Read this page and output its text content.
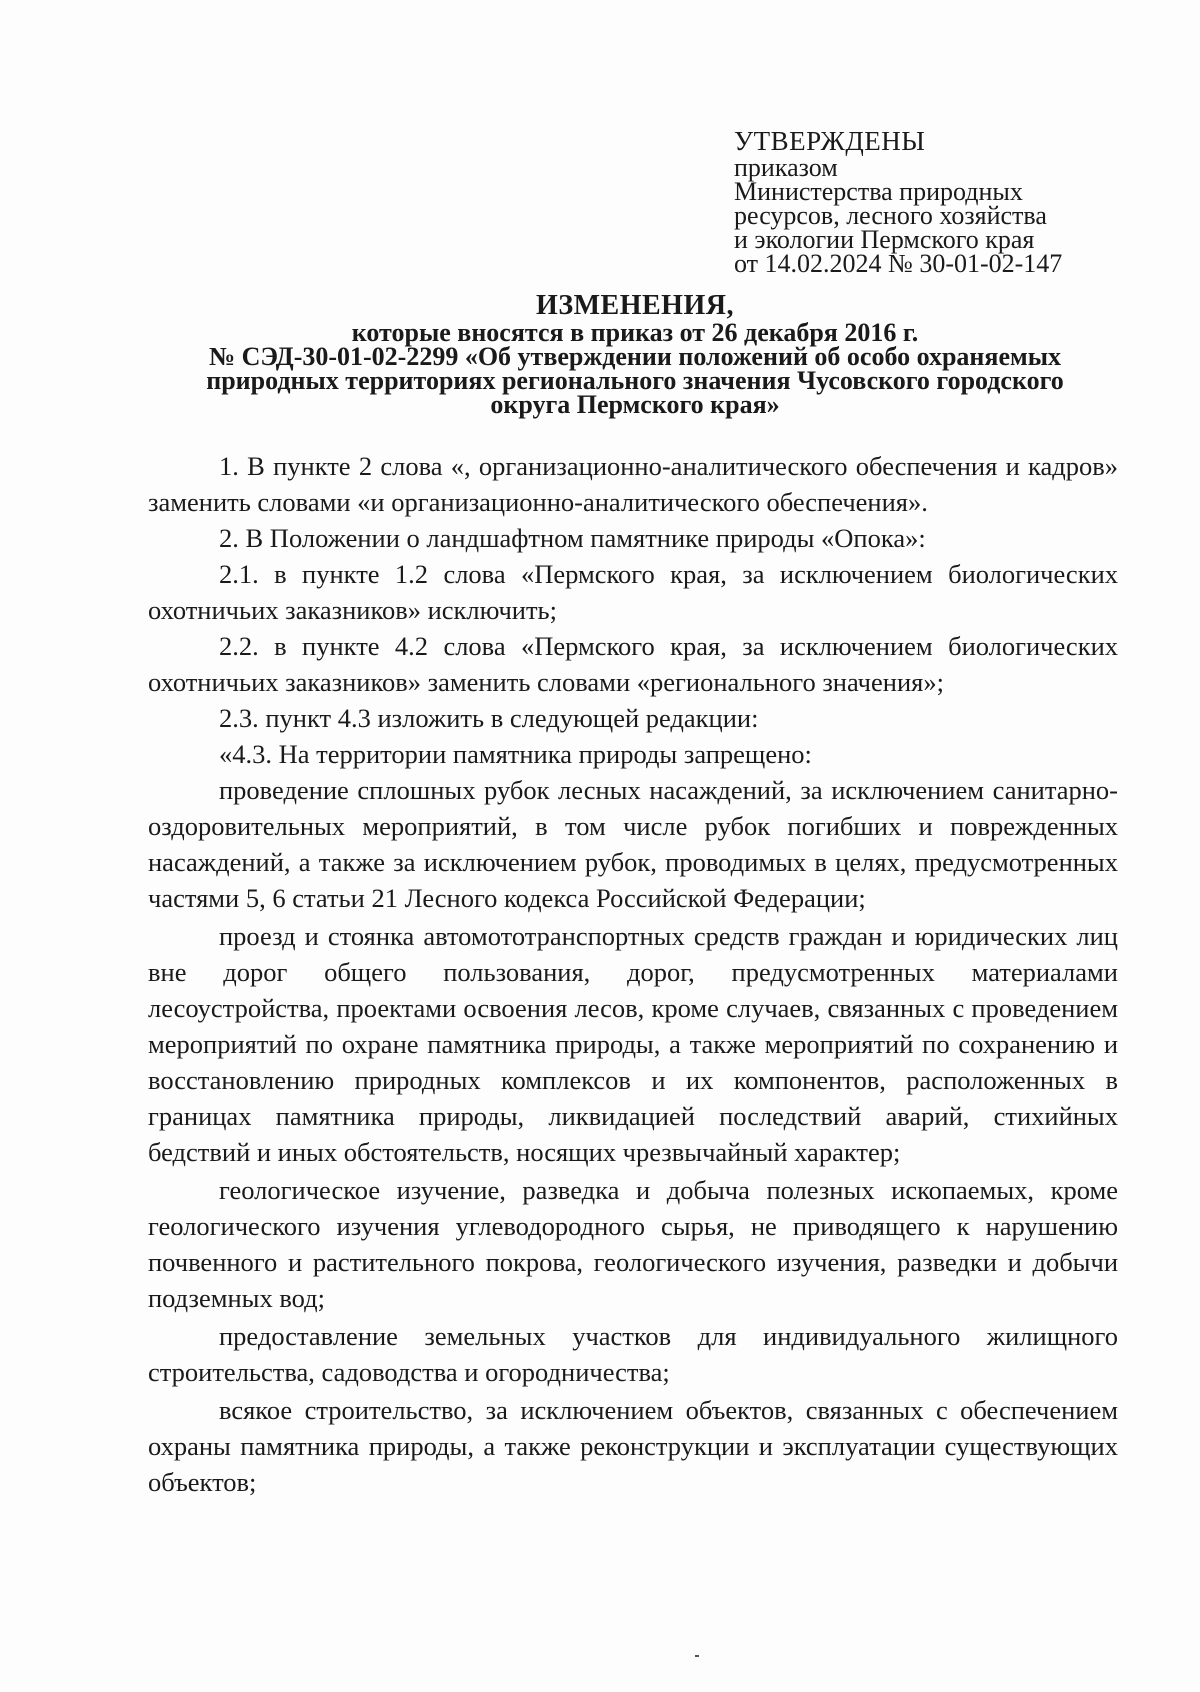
УТВЕРЖДЕНЫ
приказом
Министерства природных
ресурсов, лесного хозяйства
и экологии Пермского края
от 14.02.2024 № 30-01-02-147
ИЗМЕНЕНИЯ,
которые вносятся в приказ от 26 декабря 2016 г.
№ СЭД-30-01-02-2299 «Об утверждении положений об особо охраняемых
природных территориях регионального значения Чусовского городского
округа Пермского края»

1. В пункте 2 слова «, организационно-аналитического обеспечения и кадров» заменить словами «и организационно-аналитического обеспечения».

2. В Положении о ландшафтном памятнике природы «Опока»:

2.1. в пункте 1.2 слова «Пермского края, за исключением биологических охотничьих заказников» исключить;

2.2. в пункте 4.2 слова «Пермского края, за исключением биологических охотничьих заказников» заменить словами «регионального значения»;

2.3. пункт 4.3 изложить в следующей редакции:

«4.3. На территории памятника природы запрещено:

проведение сплошных рубок лесных насаждений, за исключением санитарно-оздоровительных мероприятий, в том числе рубок погибших и поврежденных насаждений, а также за исключением рубок, проводимых в целях, предусмотренных частями 5, 6 статьи 21 Лесного кодекса Российской Федерации;

проезд и стоянка автомототранспортных средств граждан и юридических лиц вне дорог общего пользования, дорог, предусмотренных материалами лесоустройства, проектами освоения лесов, кроме случаев, связанных с проведением мероприятий по охране памятника природы, а также мероприятий по сохранению и восстановлению природных комплексов и их компонентов, расположенных в границах памятника природы, ликвидацией последствий аварий, стихийных бедствий и иных обстоятельств, носящих чрезвычайный характер;

геологическое изучение, разведка и добыча полезных ископаемых, кроме геологического изучения углеводородного сырья, не приводящего к нарушению почвенного и растительного покрова, геологического изучения, разведки и добычи подземных вод;

предоставление земельных участков для индивидуального жилищного строительства, садоводства и огородничества;

всякое строительство, за исключением объектов, связанных с обеспечением охраны памятника природы, а также реконструкции и эксплуатации существующих объектов;
